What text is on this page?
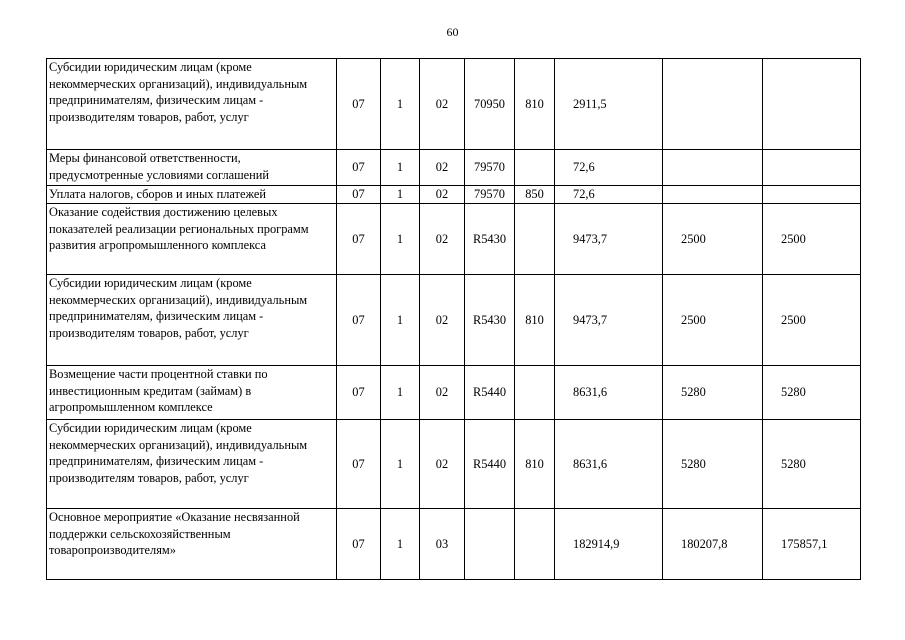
60
Субсидии юридическим лицам (кроме некоммерческих организаций), индивидуальным предпринимателям, физическим лицам - производителям товаров, работ, услуг	07	1	02	70950	810	2911,5		
Меры финансовой ответственности, предусмотренные условиями соглашений	07	1	02	79570		72,6		
Уплата налогов, сборов и иных платежей	07	1	02	79570	850	72,6		
Оказание содействия достижению целевых показателей реализации региональных программ развития агропромышленного комплекса	07	1	02	R5430		9473,7	2500	2500
Субсидии юридическим лицам (кроме некоммерческих организаций), индивидуальным предпринимателям, физическим лицам - производителям товаров, работ, услуг	07	1	02	R5430	810	9473,7	2500	2500
Возмещение части процентной ставки по инвестиционным кредитам (займам) в агропромышленном комплексе	07	1	02	R5440		8631,6	5280	5280
Субсидии юридическим лицам (кроме некоммерческих организаций), индивидуальным предпринимателям, физическим лицам - производителям товаров, работ, услуг	07	1	02	R5440	810	8631,6	5280	5280
Основное мероприятие «Оказание несвязанной поддержки сельскохозяйственным товаропроизводителям»	07	1	03			182914,9	180207,8	175857,1
